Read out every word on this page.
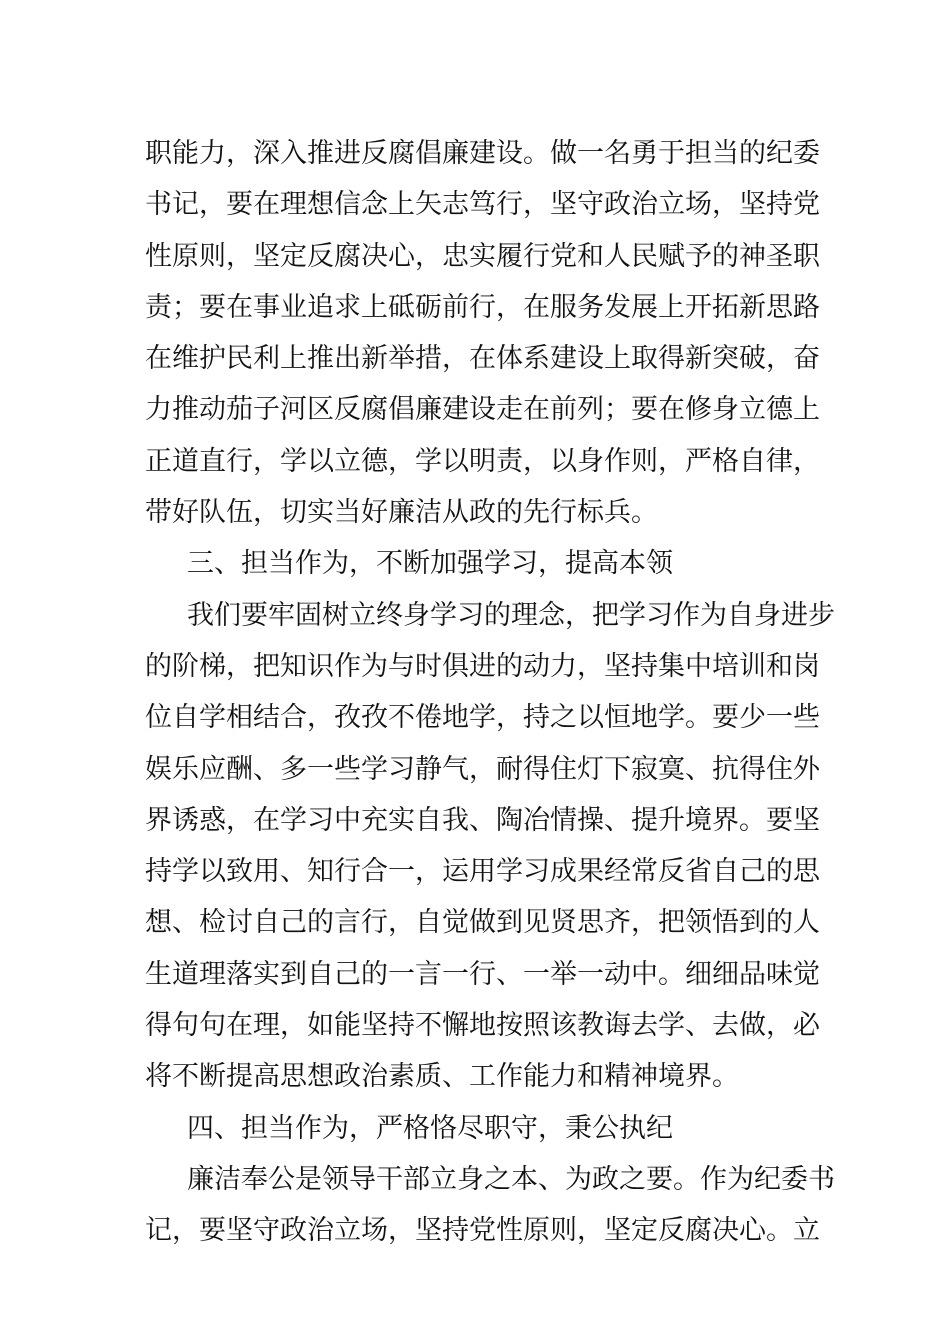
职能力，深入推进反腐倡廉建设。做一名勇于担当的纪委
书记，要在理想信念上矢志笃行，坚守政治立场，坚持党
性原则，坚定反腐决心，忠实履行党和人民赋予的神圣职
责；要在事业追求上砥砺前行，在服务发展上开拓新思路
在维护民利上推出新举措，在体系建设上取得新突破，奋
力推动茄子河区反腐倡廉建设走在前列；要在修身立德上
正道直行，学以立德，学以明责，以身作则，严格自律，
带好队伍，切实当好廉洁从政的先行标兵。
三、担当作为，不断加强学习，提高本领
我们要牢固树立终身学习的理念，把学习作为自身进步
的阶梯，把知识作为与时俱进的动力，坚持集中培训和岗
位自学相结合，孜孜不倦地学，持之以恒地学。要少一些
娱乐应酬、多一些学习静气，耐得住灯下寂寞、抗得住外
界诱惑，在学习中充实自我、陶冶情操、提升境界。要坚
持学以致用、知行合一，运用学习成果经常反省自己的思
想、检讨自己的言行，自觉做到见贤思齐，把领悟到的人
生道理落实到自己的一言一行、一举一动中。细细品味觉
得句句在理，如能坚持不懈地按照该教诲去学、去做，必
将不断提高思想政治素质、工作能力和精神境界。
四、担当作为，严格恪尽职守，秉公执纪
廉洁奉公是领导干部立身之本、为政之要。作为纪委书
记，要坚守政治立场，坚持党性原则，坚定反腐决心。立
